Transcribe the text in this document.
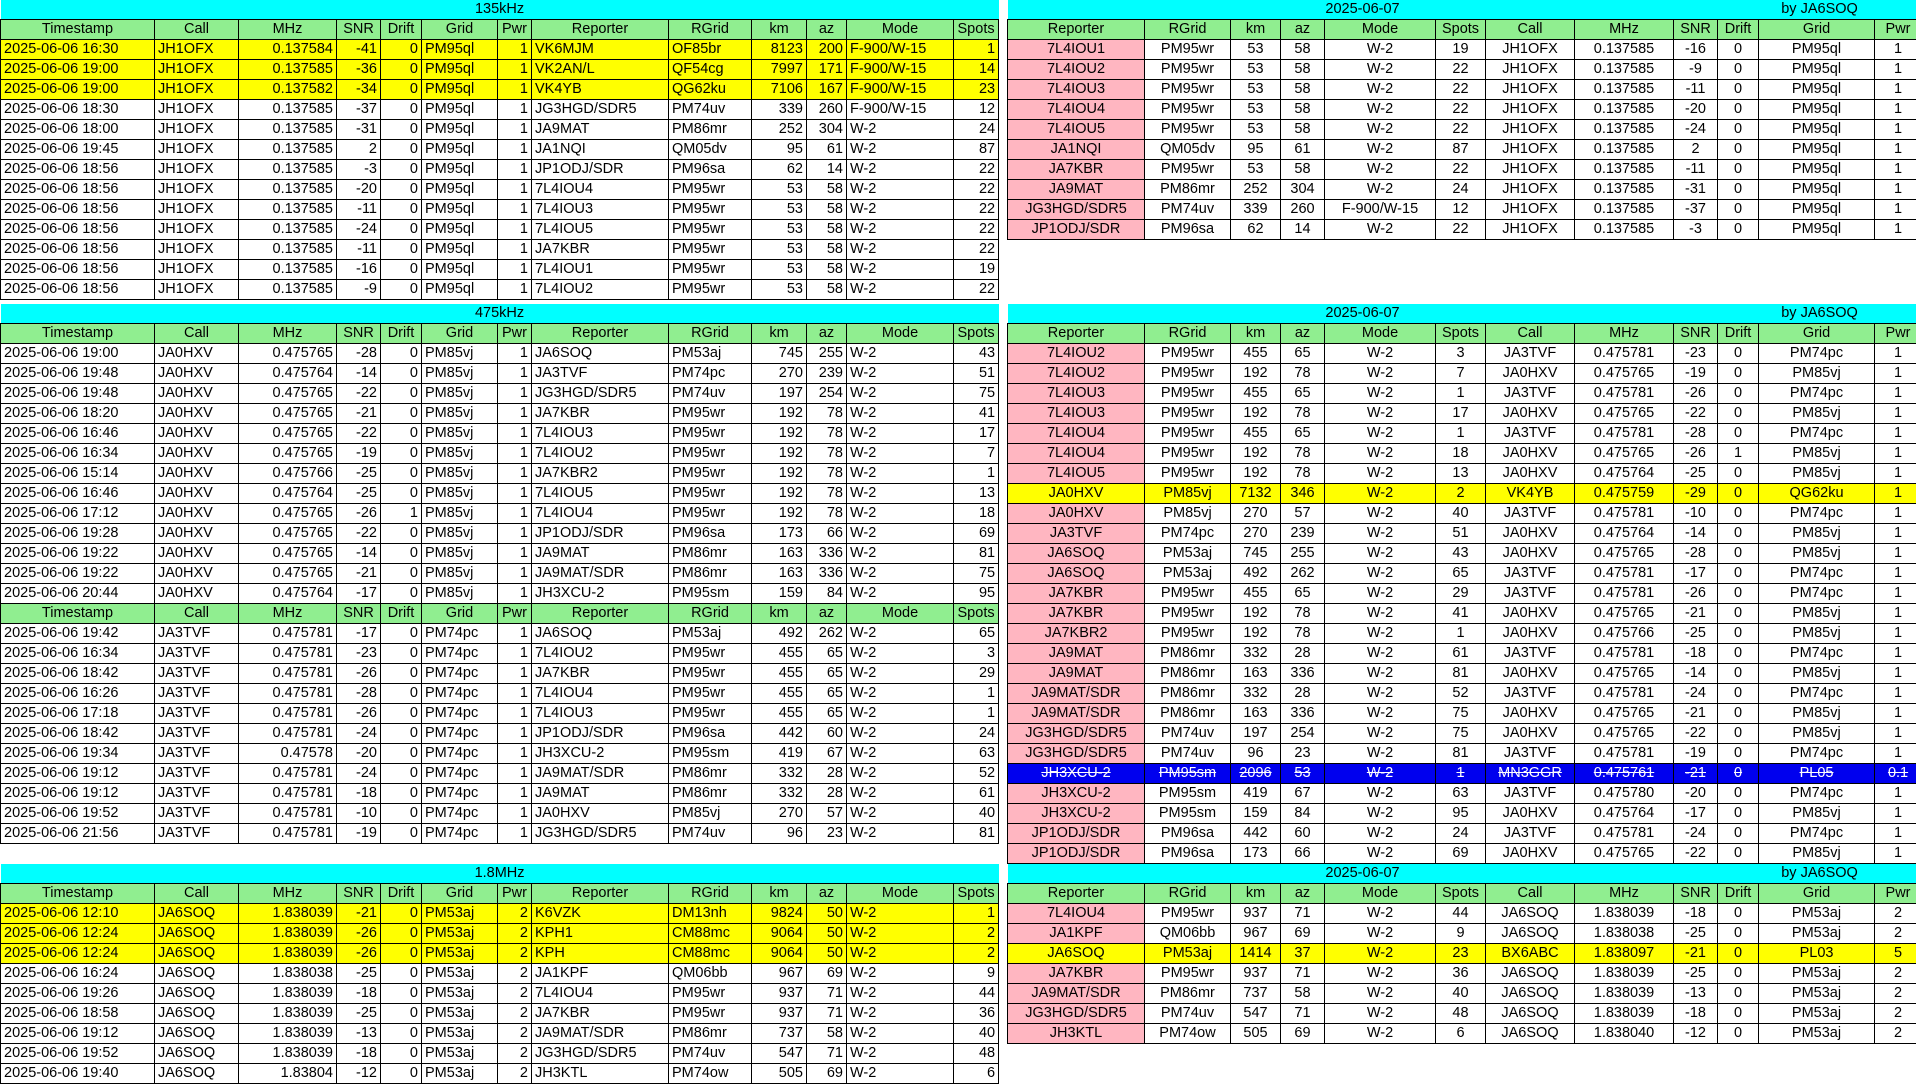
135kHz												
Timestamp	Call	MHz	SNR	Drift	Grid	Pwr	Reporter	RGrid	km	az	Mode	Spots
2025-06-06 16:30	JH1OFX	0.137584	-41	0	PM95ql	1	VK6MJM	OF85br	8123	200	F-900/W-15	1
2025-06-06 19:00	JH1OFX	0.137585	-36	0	PM95ql	1	VK2AN/L	QF54cg	7997	171	F-900/W-15	14
2025-06-06 19:00	JH1OFX	0.137582	-34	0	PM95ql	1	VK4YB	QG62ku	7106	167	F-900/W-15	23
2025-06-06 18:30	JH1OFX	0.137585	-37	0	PM95ql	1	JG3HGD/SDR5	PM74uv	339	260	F-900/W-15	12
2025-06-06 18:00	JH1OFX	0.137585	-31	0	PM95ql	1	JA9MAT	PM86mr	252	304	W-2	24
2025-06-06 19:45	JH1OFX	0.137585	2	0	PM95ql	1	JA1NQI	QM05dv	95	61	W-2	87
2025-06-06 18:56	JH1OFX	0.137585	-3	0	PM95ql	1	JP1ODJ/SDR	PM96sa	62	14	W-2	22
2025-06-06 18:56	JH1OFX	0.137585	-20	0	PM95ql	1	7L4IOU4	PM95wr	53	58	W-2	22
2025-06-06 18:56	JH1OFX	0.137585	-11	0	PM95ql	1	7L4IOU3	PM95wr	53	58	W-2	22
2025-06-06 18:56	JH1OFX	0.137585	-24	0	PM95ql	1	7L4IOU5	PM95wr	53	58	W-2	22
2025-06-06 18:56	JH1OFX	0.137585	-11	0	PM95ql	1	JA7KBR	PM95wr	53	58	W-2	22
2025-06-06 18:56	JH1OFX	0.137585	-16	0	PM95ql	1	7L4IOU1	PM95wr	53	58	W-2	19
2025-06-06 18:56	JH1OFX	0.137585	-9	0	PM95ql	1	7L4IOU2	PM95wr	53	58	W-2	22
2025-06-07									by JA6SOQ		
Reporter	RGrid	km	az	Mode	Spots	Call	MHz	SNR	Drift	Grid	Pwr
7L4IOU1	PM95wr	53	58	W-2	19	JH1OFX	0.137585	-16	0	PM95ql	1
7L4IOU2	PM95wr	53	58	W-2	22	JH1OFX	0.137585	-9	0	PM95ql	1
7L4IOU3	PM95wr	53	58	W-2	22	JH1OFX	0.137585	-11	0	PM95ql	1
7L4IOU4	PM95wr	53	58	W-2	22	JH1OFX	0.137585	-20	0	PM95ql	1
7L4IOU5	PM95wr	53	58	W-2	22	JH1OFX	0.137585	-24	0	PM95ql	1
JA1NQI	QM05dv	95	61	W-2	87	JH1OFX	0.137585	2	0	PM95ql	1
JA7KBR	PM95wr	53	58	W-2	22	JH1OFX	0.137585	-11	0	PM95ql	1
JA9MAT	PM86mr	252	304	W-2	24	JH1OFX	0.137585	-31	0	PM95ql	1
JG3HGD/SDR5	PM74uv	339	260	F-900/W-15	12	JH1OFX	0.137585	-37	0	PM95ql	1
JP1ODJ/SDR	PM96sa	62	14	W-2	22	JH1OFX	0.137585	-3	0	PM95ql	1
475kHz												
Timestamp	Call	MHz	SNR	Drift	Grid	Pwr	Reporter	RGrid	km	az	Mode	Spots
2025-06-06 19:00	JA0HXV	0.475765	-28	0	PM85vj	1	JA6SOQ	PM53aj	745	255	W-2	43
2025-06-06 19:48	JA0HXV	0.475764	-14	0	PM85vj	1	JA3TVF	PM74pc	270	239	W-2	51
2025-06-06 19:48	JA0HXV	0.475765	-22	0	PM85vj	1	JG3HGD/SDR5	PM74uv	197	254	W-2	75
2025-06-06 18:20	JA0HXV	0.475765	-21	0	PM85vj	1	JA7KBR	PM95wr	192	78	W-2	41
2025-06-06 16:46	JA0HXV	0.475765	-22	0	PM85vj	1	7L4IOU3	PM95wr	192	78	W-2	17
2025-06-06 16:34	JA0HXV	0.475765	-19	0	PM85vj	1	7L4IOU2	PM95wr	192	78	W-2	7
2025-06-06 15:14	JA0HXV	0.475766	-25	0	PM85vj	1	JA7KBR2	PM95wr	192	78	W-2	1
2025-06-06 16:46	JA0HXV	0.475764	-25	0	PM85vj	1	7L4IOU5	PM95wr	192	78	W-2	13
2025-06-06 17:12	JA0HXV	0.475765	-26	1	PM85vj	1	7L4IOU4	PM95wr	192	78	W-2	18
2025-06-06 19:28	JA0HXV	0.475765	-22	0	PM85vj	1	JP1ODJ/SDR	PM96sa	173	66	W-2	69
2025-06-06 19:22	JA0HXV	0.475765	-14	0	PM85vj	1	JA9MAT	PM86mr	163	336	W-2	81
2025-06-06 19:22	JA0HXV	0.475765	-21	0	PM85vj	1	JA9MAT/SDR	PM86mr	163	336	W-2	75
2025-06-06 20:44	JA0HXV	0.475764	-17	0	PM85vj	1	JH3XCU-2	PM95sm	159	84	W-2	95
Timestamp	Call	MHz	SNR	Drift	Grid	Pwr	Reporter	RGrid	km	az	Mode	Spots
2025-06-06 19:42	JA3TVF	0.475781	-17	0	PM74pc	1	JA6SOQ	PM53aj	492	262	W-2	65
2025-06-06 16:34	JA3TVF	0.475781	-23	0	PM74pc	1	7L4IOU2	PM95wr	455	65	W-2	3
2025-06-06 18:42	JA3TVF	0.475781	-26	0	PM74pc	1	JA7KBR	PM95wr	455	65	W-2	29
2025-06-06 16:26	JA3TVF	0.475781	-28	0	PM74pc	1	7L4IOU4	PM95wr	455	65	W-2	1
2025-06-06 17:18	JA3TVF	0.475781	-26	0	PM74pc	1	7L4IOU3	PM95wr	455	65	W-2	1
2025-06-06 18:42	JA3TVF	0.475781	-24	0	PM74pc	1	JP1ODJ/SDR	PM96sa	442	60	W-2	24
2025-06-06 19:34	JA3TVF	0.47578	-20	0	PM74pc	1	JH3XCU-2	PM95sm	419	67	W-2	63
2025-06-06 19:12	JA3TVF	0.475781	-24	0	PM74pc	1	JA9MAT/SDR	PM86mr	332	28	W-2	52
2025-06-06 19:12	JA3TVF	0.475781	-18	0	PM74pc	1	JA9MAT	PM86mr	332	28	W-2	61
2025-06-06 19:52	JA3TVF	0.475781	-10	0	PM74pc	1	JA0HXV	PM85vj	270	57	W-2	40
2025-06-06 21:56	JA3TVF	0.475781	-19	0	PM74pc	1	JG3HGD/SDR5	PM74uv	96	23	W-2	81
2025-06-07									by JA6SOQ		
Reporter	RGrid	km	az	Mode	Spots	Call	MHz	SNR	Drift	Grid	Pwr
7L4IOU2	PM95wr	455	65	W-2	3	JA3TVF	0.475781	-23	0	PM74pc	1
7L4IOU2	PM95wr	192	78	W-2	7	JA0HXV	0.475765	-19	0	PM85vj	1
7L4IOU3	PM95wr	455	65	W-2	1	JA3TVF	0.475781	-26	0	PM74pc	1
7L4IOU3	PM95wr	192	78	W-2	17	JA0HXV	0.475765	-22	0	PM85vj	1
7L4IOU4	PM95wr	455	65	W-2	1	JA3TVF	0.475781	-28	0	PM74pc	1
7L4IOU4	PM95wr	192	78	W-2	18	JA0HXV	0.475765	-26	1	PM85vj	1
7L4IOU5	PM95wr	192	78	W-2	13	JA0HXV	0.475764	-25	0	PM85vj	1
JA0HXV	PM85vj	7132	346	W-2	2	VK4YB	0.475759	-29	0	QG62ku	1
JA0HXV	PM85vj	270	57	W-2	40	JA3TVF	0.475781	-10	0	PM74pc	1
JA3TVF	PM74pc	270	239	W-2	51	JA0HXV	0.475764	-14	0	PM85vj	1
JA6SOQ	PM53aj	745	255	W-2	43	JA0HXV	0.475765	-28	0	PM85vj	1
JA6SOQ	PM53aj	492	262	W-2	65	JA3TVF	0.475781	-17	0	PM74pc	1
JA7KBR	PM95wr	455	65	W-2	29	JA3TVF	0.475781	-26	0	PM74pc	1
JA7KBR	PM95wr	192	78	W-2	41	JA0HXV	0.475765	-21	0	PM85vj	1
JA7KBR2	PM95wr	192	78	W-2	1	JA0HXV	0.475766	-25	0	PM85vj	1
JA9MAT	PM86mr	332	28	W-2	61	JA3TVF	0.475781	-18	0	PM74pc	1
JA9MAT	PM86mr	163	336	W-2	81	JA0HXV	0.475765	-14	0	PM85vj	1
JA9MAT/SDR	PM86mr	332	28	W-2	52	JA3TVF	0.475781	-24	0	PM74pc	1
JA9MAT/SDR	PM86mr	163	336	W-2	75	JA0HXV	0.475765	-21	0	PM85vj	1
JG3HGD/SDR5	PM74uv	197	254	W-2	75	JA0HXV	0.475765	-22	0	PM85vj	1
JG3HGD/SDR5	PM74uv	96	23	W-2	81	JA3TVF	0.475781	-19	0	PM74pc	1
JH3XCU-2	PM95sm	2096	53	W-2	1	MN3GGR	0.475761	-21	0	PL05	0.1
JH3XCU-2	PM95sm	419	67	W-2	63	JA3TVF	0.475780	-20	0	PM74pc	1
JH3XCU-2	PM95sm	159	84	W-2	95	JA0HXV	0.475764	-17	0	PM85vj	1
JP1ODJ/SDR	PM96sa	442	60	W-2	24	JA3TVF	0.475781	-24	0	PM74pc	1
JP1ODJ/SDR	PM96sa	173	66	W-2	69	JA0HXV	0.475765	-22	0	PM85vj	1
1.8MHz												
Timestamp	Call	MHz	SNR	Drift	Grid	Pwr	Reporter	RGrid	km	az	Mode	Spots
2025-06-06 12:10	JA6SOQ	1.838039	-21	0	PM53aj	2	K6VZK	DM13nh	9824	50	W-2	1
2025-06-06 12:24	JA6SOQ	1.838039	-26	0	PM53aj	2	KPH1	CM88mc	9064	50	W-2	2
2025-06-06 12:24	JA6SOQ	1.838039	-26	0	PM53aj	2	KPH	CM88mc	9064	50	W-2	2
2025-06-06 16:24	JA6SOQ	1.838038	-25	0	PM53aj	2	JA1KPF	QM06bb	967	69	W-2	9
2025-06-06 19:26	JA6SOQ	1.838039	-18	0	PM53aj	2	7L4IOU4	PM95wr	937	71	W-2	44
2025-06-06 18:58	JA6SOQ	1.838039	-25	0	PM53aj	2	JA7KBR	PM95wr	937	71	W-2	36
2025-06-06 19:12	JA6SOQ	1.838039	-13	0	PM53aj	2	JA9MAT/SDR	PM86mr	737	58	W-2	40
2025-06-06 19:52	JA6SOQ	1.838039	-18	0	PM53aj	2	JG3HGD/SDR5	PM74uv	547	71	W-2	48
2025-06-06 19:40	JA6SOQ	1.83804	-12	0	PM53aj	2	JH3KTL	PM74ow	505	69	W-2	6
2025-06-07									by JA6SOQ		
Reporter	RGrid	km	az	Mode	Spots	Call	MHz	SNR	Drift	Grid	Pwr
7L4IOU4	PM95wr	937	71	W-2	44	JA6SOQ	1.838039	-18	0	PM53aj	2
JA1KPF	QM06bb	967	69	W-2	9	JA6SOQ	1.838038	-25	0	PM53aj	2
JA6SOQ	PM53aj	1414	37	W-2	23	BX6ABC	1.838097	-21	0	PL03	5
JA7KBR	PM95wr	937	71	W-2	36	JA6SOQ	1.838039	-25	0	PM53aj	2
JA9MAT/SDR	PM86mr	737	58	W-2	40	JA6SOQ	1.838039	-13	0	PM53aj	2
JG3HGD/SDR5	PM74uv	547	71	W-2	48	JA6SOQ	1.838039	-18	0	PM53aj	2
JH3KTL	PM74ow	505	69	W-2	6	JA6SOQ	1.838040	-12	0	PM53aj	2
